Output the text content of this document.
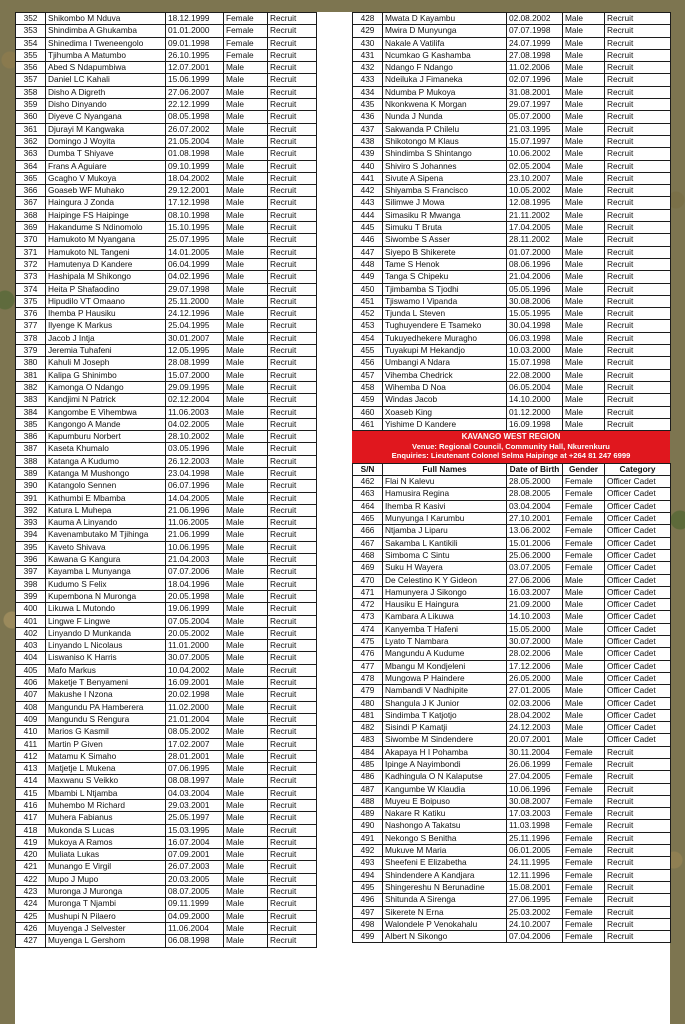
352	Shikombo M Nduva	18.12.1999	Female	Recruit
353	Shindimba A Ghukamba	01.01.2000	Female	Recruit
354	Shinedima I Tweneengolo	09.01.1998	Female	Recruit
355	Tjihumba A Matumbo	26.10.1995	Female	Recruit
356	Abed S Ndapumbiwa	12.07.2001	Male	Recruit
357	Daniel LC Kahali	15.06.1999	Male	Recruit
358	Disho A Digreth	27.06.2007	Male	Recruit
359	Disho Dinyando	22.12.1999	Male	Recruit
360	Diyeve C Nyangana	08.05.1998	Male	Recruit
361	Djurayi M Kangwaka	26.07.2002	Male	Recruit
362	Domingo J Woyita	21.05.2004	Male	Recruit
363	Dumba T Shiyave	01.08.1998	Male	Recruit
364	Frans A Aguiare	09.10.1999	Male	Recruit
365	Gcagho V Mukoya	18.04.2002	Male	Recruit
366	Goaseb WF Muhako	29.12.2001	Male	Recruit
367	Haingura J Zonda	17.12.1998	Male	Recruit
368	Haipinge FS Haipinge	08.10.1998	Male	Recruit
369	Hakandume S Ndinomolo	15.10.1995	Male	Recruit
370	Hamukoto M Nyangana	25.07.1995	Male	Recruit
371	Hamukoto NL Tangeni	14.01.2005	Male	Recruit
372	Hamutenya D Kandere	06.04.1999	Male	Recruit
373	Hashipala M Shikongo	04.02.1996	Male	Recruit
374	Heita P Shafaodino	29.07.1998	Male	Recruit
375	Hipudilo VT Omaano	25.11.2000	Male	Recruit
376	Ihemba P Hausiku	24.12.1996	Male	Recruit
377	Ilyenge K Markus	25.04.1995	Male	Recruit
378	Jacob J Intja	30.01.2007	Male	Recruit
379	Jeremia Tuhafeni	12.05.1995	Male	Recruit
380	Kahuli M Joseph	28.08.1999	Male	Recruit
381	Kalipa G Shinimbo	15.07.2000	Male	Recruit
382	Kamonga O Ndango	29.09.1995	Male	Recruit
383	Kandjimi N Patrick	02.12.2004	Male	Recruit
384	Kangombe E Vihembwa	11.06.2003	Male	Recruit
385	Kangongo A Mande	04.02.2005	Male	Recruit
386	Kapumburu Norbert	28.10.2002	Male	Recruit
387	Kaseta Khumalo	03.05.1996	Male	Recruit
388	Katanga A Kudumo	26.12.2003	Male	Recruit
389	Katanga M Mushongo	23.04.1998	Male	Recruit
390	Katangolo Sennen	06.07.1996	Male	Recruit
391	Kathumbi E Mbamba	14.04.2005	Male	Recruit
392	Katura L Muhepa	21.06.1996	Male	Recruit
393	Kauma A Linyando	11.06.2005	Male	Recruit
394	Kavenambutako M Tjihinga	21.06.1999	Male	Recruit
395	Kaveto Shivava	10.06.1995	Male	Recruit
396	Kawana G Kangura	21.04.2003	Male	Recruit
397	Kayamba L Munyanga	07.07.2006	Male	Recruit
398	Kudumo S Felix	18.04.1996	Male	Recruit
399	Kupembona N Muronga	20.05.1998	Male	Recruit
400	Likuwa L Mutondo	19.06.1999	Male	Recruit
401	Lingwe F Lingwe	07.05.2004	Male	Recruit
402	Linyando D Munkanda	20.05.2002	Male	Recruit
403	Linyando L Nicolaus	11.01.2000	Male	Recruit
404	Liswaniso K Harris	30.07.2005	Male	Recruit
405	Mafo Markus	10.04.2002	Male	Recruit
406	Maketje T Benyameni	16.09.2001	Male	Recruit
407	Makushe I Nzona	20.02.1998	Male	Recruit
408	Mangundu PA Hamberera	11.02.2000	Male	Recruit
409	Mangundu S Rengura	21.01.2004	Male	Recruit
410	Marios G Kasmil	08.05.2002	Male	Recruit
411	Martin P Given	17.02.2007	Male	Recruit
412	Matamu K Simaho	28.01.2001	Male	Recruit
413	Matjetje L Mukena	07.06.1995	Male	Recruit
414	Maxwanu S Veikko	08.08.1997	Male	Recruit
415	Mbambi L Ntjamba	04.03.2004	Male	Recruit
416	Muhembo M Richard	29.03.2001	Male	Recruit
417	Muhera Fabianus	25.05.1997	Male	Recruit
418	Mukonda S Lucas	15.03.1995	Male	Recruit
419	Mukoya A Ramos	16.07.2004	Male	Recruit
420	Muliata Lukas	07.09.2001	Male	Recruit
421	Munango E Virgil	26.07.2003	Male	Recruit
422	Mupo J Mupo	20.03.2005	Male	Recruit
423	Muronga J Muronga	08.07.2005	Male	Recruit
424	Muronga T Njambi	09.11.1999	Male	Recruit
425	Mushupi N Pilaero	04.09.2000	Male	Recruit
426	Muyenga J Selvester	11.06.2004	Male	Recruit
427	Muyenga L Gershom	06.08.1998	Male	Recruit
428	Mwata D Kayambu	02.08.2002	Male	Recruit
429	Mwira D Munyunga	07.07.1998	Male	Recruit
430	Nakale A Vatilifa	24.07.1999	Male	Recruit
431	Ncumkao G Kashamba	27.08.1998	Male	Recruit
432	Ndango F Ndango	11.02.2006	Male	Recruit
433	Ndeiluka J Fimaneka	02.07.1996	Male	Recruit
434	Ndumba P Mukoya	31.08.2001	Male	Recruit
435	Nkonkwena K Morgan	29.07.1997	Male	Recruit
436	Nunda J Nunda	05.07.2000	Male	Recruit
437	Sakwanda P Chilelu	21.03.1995	Male	Recruit
438	Shikotongo M Klaus	15.07.1997	Male	Recruit
439	Shindimba S Shintango	10.06.2002	Male	Recruit
440	Shiviro S Johannes	02.05.2004	Male	Recruit
441	Sivute A Sipena	23.10.2007	Male	Recruit
442	Shiyamba S Francisco	10.05.2002	Male	Recruit
443	Silimwe J Mowa	12.08.1995	Male	Recruit
444	Simasiku R Mwanga	21.11.2002	Male	Recruit
445	Simuku T Bruta	17.04.2005	Male	Recruit
446	Siwombe S Asser	28.11.2002	Male	Recruit
447	Siyepo B Shikerete	01.07.2000	Male	Recruit
448	Tame S Henok	08.06.1996	Male	Recruit
449	Tanga S Chipeku	21.04.2006	Male	Recruit
450	Tjimbamba S Tjodhi	05.05.1996	Male	Recruit
451	Tjiswamo I Vipanda	30.08.2006	Male	Recruit
452	Tjunda L Steven	15.05.1995	Male	Recruit
453	Tughuyendere E Tsameko	30.04.1998	Male	Recruit
454	Tukuyedhekere Muragho	06.03.1998	Male	Recruit
455	Tuyakupi M Hekandjo	10.03.2000	Male	Recruit
456	Umbangi A Ndara	15.07.1998	Male	Recruit
457	Vihemba Chedrick	22.08.2000	Male	Recruit
458	Wihemba D Noa	06.05.2004	Male	Recruit
459	Windas Jacob	14.10.2000	Male	Recruit
460	Xoaseb King	01.12.2000	Male	Recruit
461	Yishime D Kandere	16.09.1998	Male	Recruit
KAVANGO WEST REGION
Venue: Regional Council, Community Hall, Nkurenkuru
Enquiries: Lieutenant Colonel Selma Haipinge at +264 81 247 6999
S/N	Full Names	Date of Birth	Gender	Category
462	Flai N Kalevu	28.05.2000	Female	Officer Cadet
463	Hamusira Regina	28.08.2005	Female	Officer Cadet
464	Ihemba R Kasivi	03.04.2004	Female	Officer Cadet
465	Munyunga I Karumbu	27.10.2001	Female	Officer Cadet
466	Ntjamba J Liparu	13.06.2002	Female	Officer Cadet
467	Sakamba L Kantikili	15.01.2006	Female	Officer Cadet
468	Simboma C Sintu	25.06.2000	Female	Officer Cadet
469	Suku H Wayera	03.07.2005	Female	Officer Cadet
470	De Celestino K Y Gideon	27.06.2006	Male	Officer Cadet
471	Hamunyera J Sikongo	16.03.2007	Male	Officer Cadet
472	Hausiku E Haingura	21.09.2000	Male	Officer Cadet
473	Kambara A Likuwa	14.10.2003	Male	Officer Cadet
474	Kanyemba T Hafeni	15.05.2000	Male	Officer Cadet
475	Lyato T Nambara	30.07.2000	Male	Officer Cadet
476	Mangundu A Kudume	28.02.2006	Male	Officer Cadet
477	Mbangu M Kondjeleni	17.12.2006	Male	Officer Cadet
478	Mungowa P Haindere	26.05.2000	Male	Officer Cadet
479	Nambandi V Nadhipite	27.01.2005	Male	Officer Cadet
480	Shangula J K Junior	02.03.2006	Male	Officer Cadet
481	Sindimba T Katjotjo	28.04.2002	Male	Officer Cadet
482	Sisindi P Kamatji	24.12.2003	Male	Officer Cadet
483	Siwombe M Sindendere	20.07.2001	Male	Officer Cadet
484	Akapaya H I Pohamba	30.11.2004	Female	Recruit
485	Ipinge A Nayimbondi	26.06.1999	Female	Recruit
486	Kadhingula O N Kalaputse	27.04.2005	Female	Recruit
487	Kangumbe W Klaudia	10.06.1996	Female	Recruit
488	Muyeu E Boipuso	30.08.2007	Female	Recruit
489	Nakare R Katiku	17.03.2003	Female	Recruit
490	Nashongo A Takatsu	11.03.1998	Female	Recruit
491	Nekongo S Benitha	25.11.1996	Female	Recruit
492	Mukuve M Maria	06.01.2005	Female	Recruit
493	Sheefeni E Elizabetha	24.11.1995	Female	Recruit
494	Shindendere A Kandjara	12.11.1996	Female	Recruit
495	Shingereshu N Berunadine	15.08.2001	Female	Recruit
496	Shitunda A Sirenga	27.06.1995	Female	Recruit
497	Sikerete N Erna	25.03.2002	Female	Recruit
498	Walondele P Venokahalu	24.10.2007	Female	Recruit
499	Albert N Sikongo	07.04.2006	Female	Recruit
